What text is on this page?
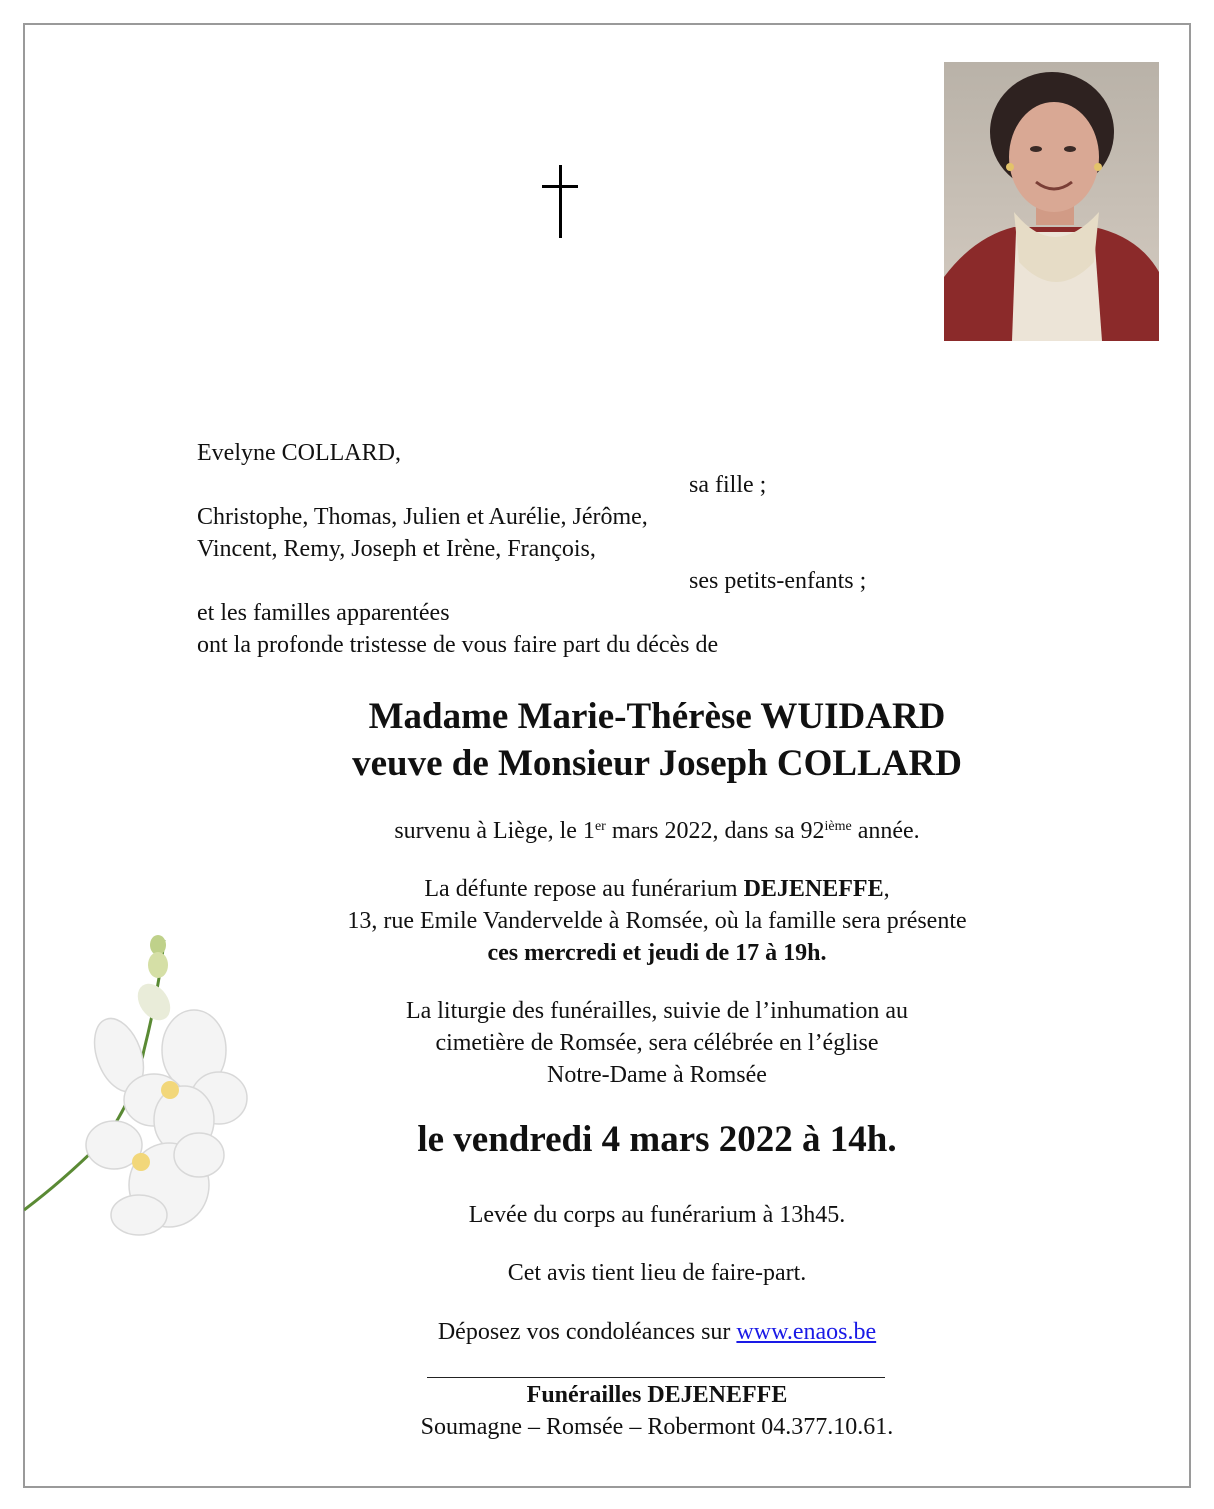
Evelyne COLLARD,
sa fille ;
Christophe, Thomas, Julien et Aurélie, Jérôme,
Vincent, Remy, Joseph et Irène, François,
ses petits-enfants ;
et les familles apparentées
ont la profonde tristesse de vous faire part du décès de
Madame Marie-Thérèse WUIDARD
veuve de Monsieur Joseph COLLARD
survenu à Liège, le 1er mars 2022, dans sa 92ième année.
La défunte repose au funérarium DEJENEFFE,
13, rue Emile Vandervelde à Romsée, où la famille sera présente
ces mercredi et jeudi de 17 à 19h.
La liturgie des funérailles, suivie de l’inhumation au
cimetière de Romsée, sera célébrée en l’église
Notre-Dame à Romsée
le vendredi 4 mars 2022 à 14h.
Levée du corps au funérarium à 13h45.
Cet avis tient lieu de faire-part.
Déposez vos condoléances sur www.enaos.be
Funérailles DEJENEFFE
Soumagne – Romsée – Robermont 04.377.10.61.
